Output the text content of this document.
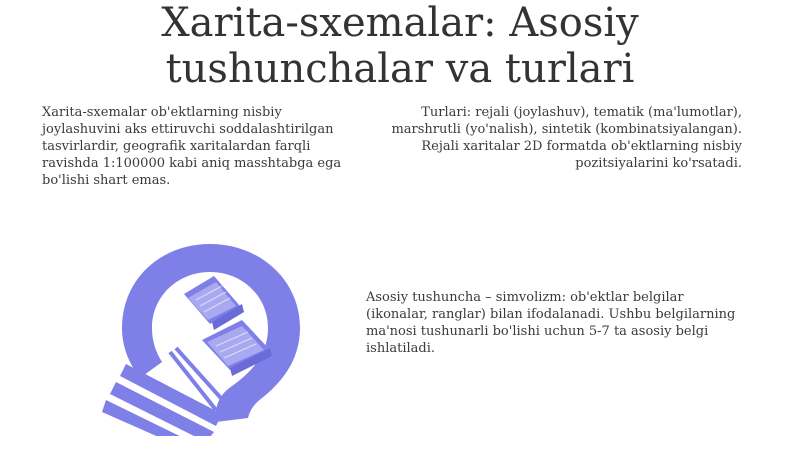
Xarita-sxemalar: Asosiy
tushunchalar va turlari
Xarita-sxemalar ob'ektlarning nisbiy joylashuvini aks ettiruvchi soddalashtirilgan tasvirlardir, geografik xaritalardan farqli ravishda 1:100000 kabi aniq masshtabga ega bo'lishi shart emas.
Turlari: rejali (joylashuv), tematik (ma'lumotlar), marshrutli (yo'nalish), sintetik (kombinatsiyalangan). Rejali xaritalar 2D formatda ob'ektlarning nisbiy pozitsiyalarini ko'rsatadi.
Asosiy tushuncha – simvolizm: ob'ektlar belgilar (ikonalar, ranglar) bilan ifodalanadi. Ushbu belgilarning ma'nosi tushunarli bo'lishi uchun 5-7 ta asosiy belgi ishlatiladi.
